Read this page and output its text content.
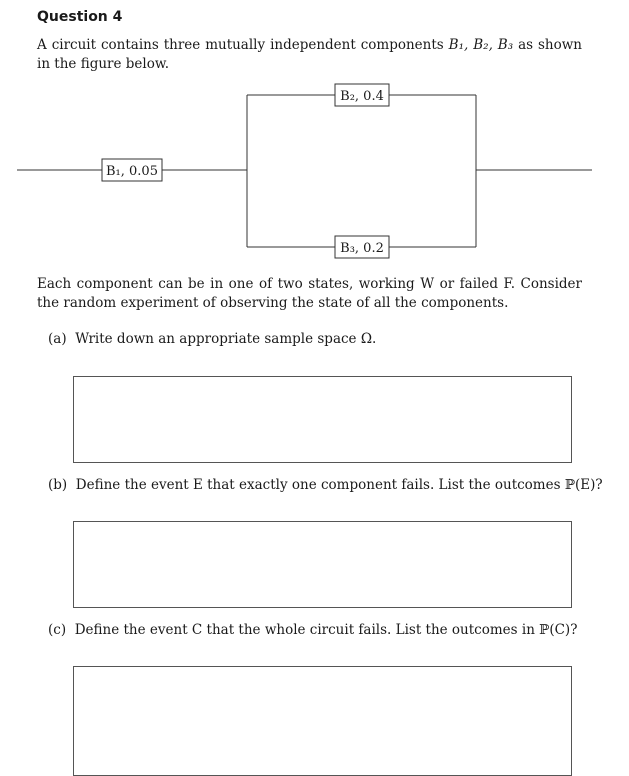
Question 4
A circuit contains three mutually independent components B₁, B₂, B₃ as shown in the figure below.
B₁, 0.05
B₂, 0.4
B₃, 0.2
Each component can be in one of two states, working W or failed F. Consider the random experiment of observing the state of all the components.
(a) Write down an appropriate sample space Ω.
(b) Define the event E that exactly one component fails. List the outcomes ℙ(E)?
(c) Define the event C that the whole circuit fails. List the outcomes in ℙ(C)?
